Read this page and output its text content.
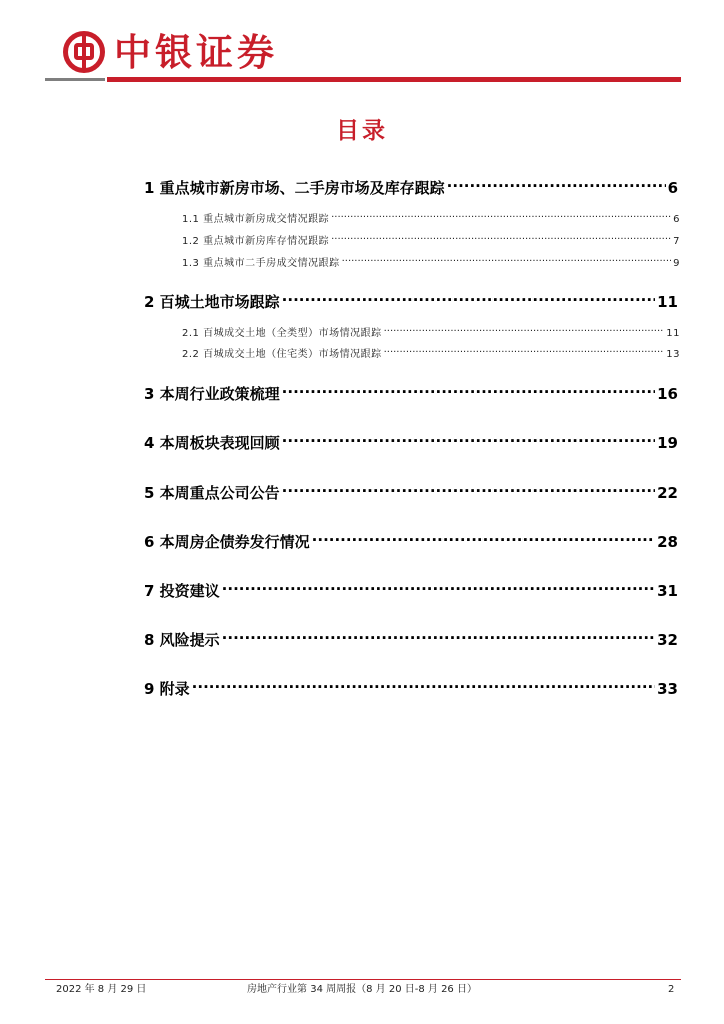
中银证券
目录
1 重点城市新房市场、二手房市场及库存跟踪 .....	6
1.1 重点城市新房成交情况跟踪 .....	6
1.2 重点城市新房库存情况跟踪 .....	7
1.3 重点城市二手房成交情况跟踪 .....	9
2 百城土地市场跟踪 .....	11
2.1 百城成交土地（全类型）市场情况跟踪 .....	11
2.2 百城成交土地（住宅类）市场情况跟踪 .....	13
3 本周行业政策梳理 .....	16
4 本周板块表现回顾 .....	19
5 本周重点公司公告 .....	22
6 本周房企债券发行情况 .....	28
7 投资建议 .....	31
8 风险提示 .....	32
9 附录 .....	33
2022 年 8 月 29 日	房地产行业第 34 周周报（8 月 20 日-8 月 26 日）	2
